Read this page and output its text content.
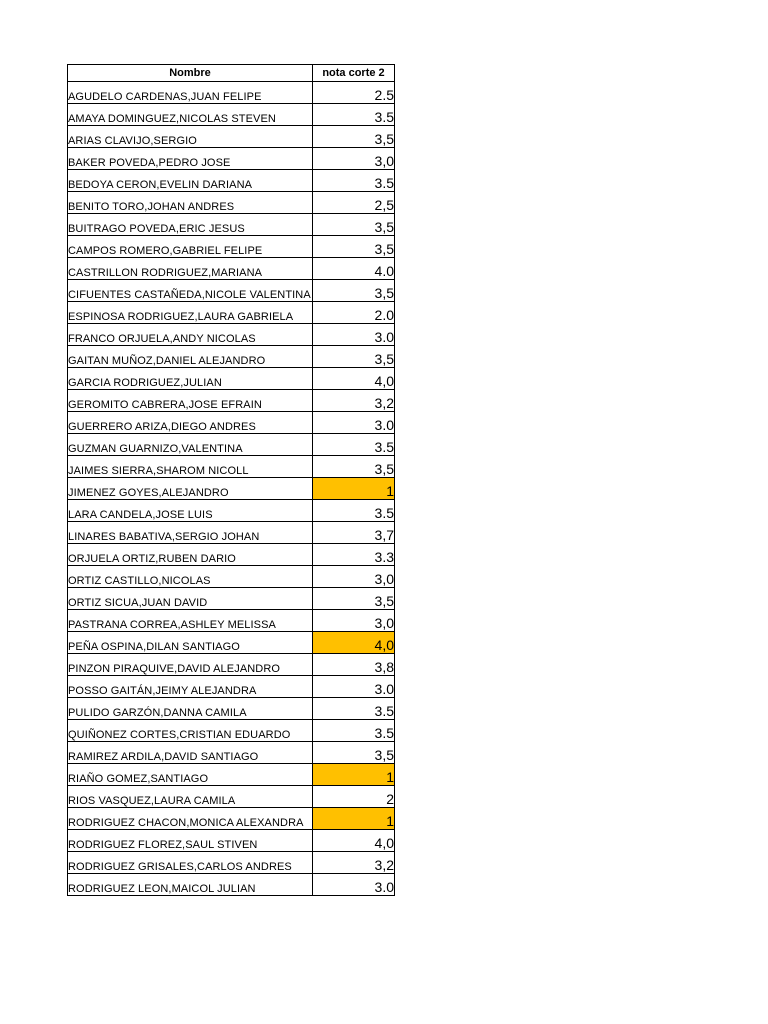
Nombre	nota corte 2
AGUDELO CARDENAS,JUAN FELIPE	2.5
AMAYA DOMINGUEZ,NICOLAS STEVEN	3.5
ARIAS CLAVIJO,SERGIO	3,5
BAKER POVEDA,PEDRO JOSE	3,0
BEDOYA CERON,EVELIN DARIANA	3.5
BENITO TORO,JOHAN ANDRES	2,5
BUITRAGO POVEDA,ERIC JESUS	3,5
CAMPOS ROMERO,GABRIEL FELIPE	3,5
CASTRILLON RODRIGUEZ,MARIANA	4.0
CIFUENTES CASTAÑEDA,NICOLE VALENTINA	3,5
ESPINOSA RODRIGUEZ,LAURA GABRIELA	2.0
FRANCO ORJUELA,ANDY NICOLAS	3.0
GAITAN MUÑOZ,DANIEL ALEJANDRO	3,5
GARCIA RODRIGUEZ,JULIAN	4,0
GEROMITO CABRERA,JOSE EFRAIN	3,2
GUERRERO ARIZA,DIEGO ANDRES	3.0
GUZMAN GUARNIZO,VALENTINA	3.5
JAIMES SIERRA,SHAROM NICOLL	3,5
JIMENEZ GOYES,ALEJANDRO	1
LARA CANDELA,JOSE LUIS	3.5
LINARES BABATIVA,SERGIO JOHAN	3,7
ORJUELA ORTIZ,RUBEN DARIO	3.3
ORTIZ CASTILLO,NICOLAS	3,0
ORTIZ SICUA,JUAN DAVID	3,5
PASTRANA CORREA,ASHLEY MELISSA	3,0
PEÑA OSPINA,DILAN SANTIAGO	4,0
PINZON PIRAQUIVE,DAVID ALEJANDRO	3,8
POSSO GAITÁN,JEIMY ALEJANDRA	3.0
PULIDO GARZÓN,DANNA CAMILA	3.5
QUIÑONEZ CORTES,CRISTIAN EDUARDO	3.5
RAMIREZ ARDILA,DAVID SANTIAGO	3,5
RIAÑO GOMEZ,SANTIAGO	1
RIOS VASQUEZ,LAURA CAMILA	2
RODRIGUEZ CHACON,MONICA ALEXANDRA	1
RODRIGUEZ FLOREZ,SAUL STIVEN	4,0
RODRIGUEZ GRISALES,CARLOS ANDRES	3,2
RODRIGUEZ LEON,MAICOL JULIAN	3.0
